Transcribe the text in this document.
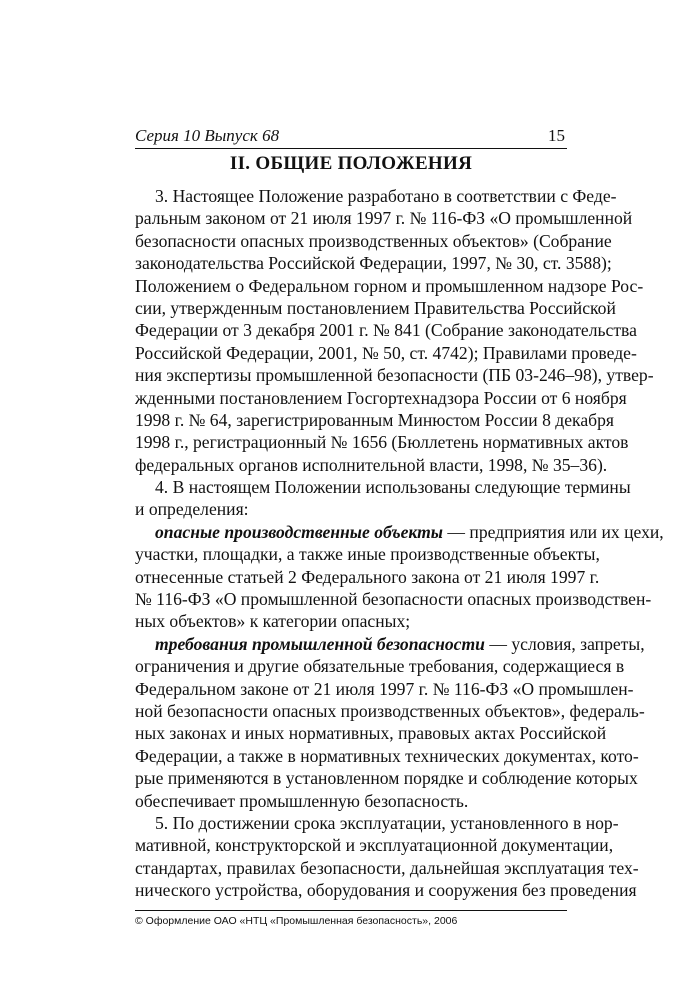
Серия 10 Выпуск 68	15
II. ОБЩИЕ ПОЛОЖЕНИЯ
3. Настоящее Положение разработано в соответствии с Феде-
ральным законом от 21 июля 1997 г. № 116-ФЗ «О промышленной
безопасности опасных производственных объектов» (Собрание
законодательства Российской Федерации, 1997, № 30, ст. 3588);
Положением о Федеральном горном и промышленном надзоре Рос-
сии, утвержденным постановлением Правительства Российской
Федерации от 3 декабря 2001 г. № 841 (Собрание законодательства
Российской Федерации, 2001, № 50, ст. 4742); Правилами проведе-
ния экспертизы промышленной безопасности (ПБ 03-246–98), утвер-
жденными постановлением Госгортехнадзора России от 6 ноября
1998 г. № 64, зарегистрированным Минюстом России 8 декабря
1998 г., регистрационный № 1656 (Бюллетень нормативных актов
федеральных органов исполнительной власти, 1998, № 35–36).
4. В настоящем Положении использованы следующие термины
и определения:
опасные производственные объекты — предприятия или их цехи,
участки, площадки, а также иные производственные объекты,
отнесенные статьей 2 Федерального закона от 21 июля 1997 г.
№ 116-ФЗ «О промышленной безопасности опасных производствен-
ных объектов» к категории опасных;
требования промышленной безопасности — условия, запреты,
ограничения и другие обязательные требования, содержащиеся в
Федеральном законе от 21 июля 1997 г. № 116-ФЗ «О промышлен-
ной безопасности опасных производственных объектов», федераль-
ных законах и иных нормативных, правовых актах Российской
Федерации, а также в нормативных технических документах, кото-
рые применяются в установленном порядке и соблюдение которых
обеспечивает промышленную безопасность.
5. По достижении срока эксплуатации, установленного в нор-
мативной, конструкторской и эксплуатационной документации,
стандартах, правилах безопасности, дальнейшая эксплуатация тех-
нического устройства, оборудования и сооружения без проведения
© Оформление ОАО «НТЦ «Промышленная безопасность», 2006
